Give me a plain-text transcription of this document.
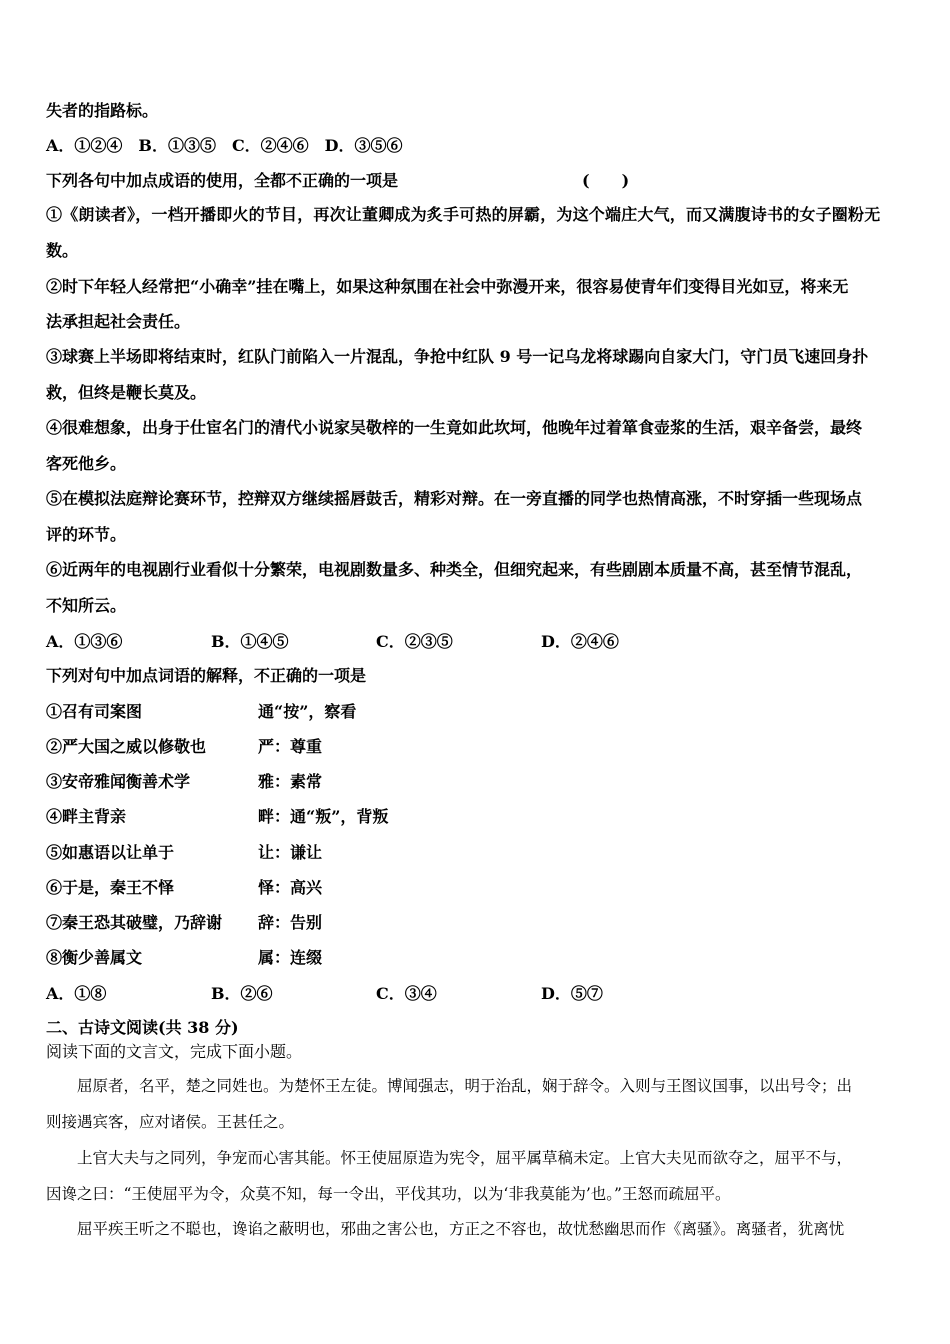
失者的指路标。
A．①②④　B．①③⑤　C．②④⑥　D．③⑤⑥
下列各句中加点成语的使用，全都不正确的一项是	(　　)
①《朗读者》，一档开播即火的节目，再次让董卿成为炙手可热的屏霸，为这个端庄大气，而又满腹诗书的女子圈粉无
数。
②时下年轻人经常把“小确幸”挂在嘴上，如果这种氛围在社会中弥漫开来，很容易使青年们变得目光如豆，将来无
法承担起社会责任。
③球赛上半场即将结束时，红队门前陷入一片混乱，争抢中红队 9 号一记乌龙将球踢向自家大门，守门员飞速回身扑
救，但终是鞭长莫及。
④很难想象，出身于仕宦名门的清代小说家吴敬梓的一生竟如此坎坷，他晚年过着箪食壶浆的生活，艰辛备尝，最终
客死他乡。
⑤在模拟法庭辩论赛环节，控辩双方继续摇唇鼓舌，精彩对辩。在一旁直播的同学也热情高涨，不时穿插一些现场点
评的环节。
⑥近两年的电视剧行业看似十分繁荣，电视剧数量多、种类全，但细究起来，有些剧剧本质量不高，甚至情节混乱，
不知所云。
A．①③⑥	B．①④⑤	C．②③⑤	D．②④⑥
下列对句中加点词语的解释，不正确的一项是
①召有司案图	通“按”，察看
②严大国之威以修敬也	严：尊重
③安帝雅闻衡善术学	雅：素常
④畔主背亲	畔：通“叛”，背叛
⑤如惠语以让单于	让：谦让
⑥于是，秦王不怿	怿：高兴
⑦秦王恐其破璧，乃辞谢 辞：告别
⑧衡少善属文	属：连缀
A．①⑧	B．②⑥	C．③④	D．⑤⑦
二、古诗文阅读(共 38 分)
阅读下面的文言文，完成下面小题。
　　屈原者，名平，楚之同姓也。为楚怀王左徒。博闻强志，明于治乱，娴于辞令。入则与王图议国事，以出号令；出
则接遇宾客，应对诸侯。王甚任之。
　　上官大夫与之同列，争宠而心害其能。怀王使屈原造为宪令，屈平属草稿未定。上官大夫见而欲夺之，屈平不与，
因谗之曰：“王使屈平为令，众莫不知，每一令出，平伐其功，以为‘非我莫能为’也。”王怒而疏屈平。
　　屈平疾王听之不聪也，谗谄之蔽明也，邪曲之害公也，方正之不容也，故忧愁幽思而作《离骚》。离骚者，犹离忧
